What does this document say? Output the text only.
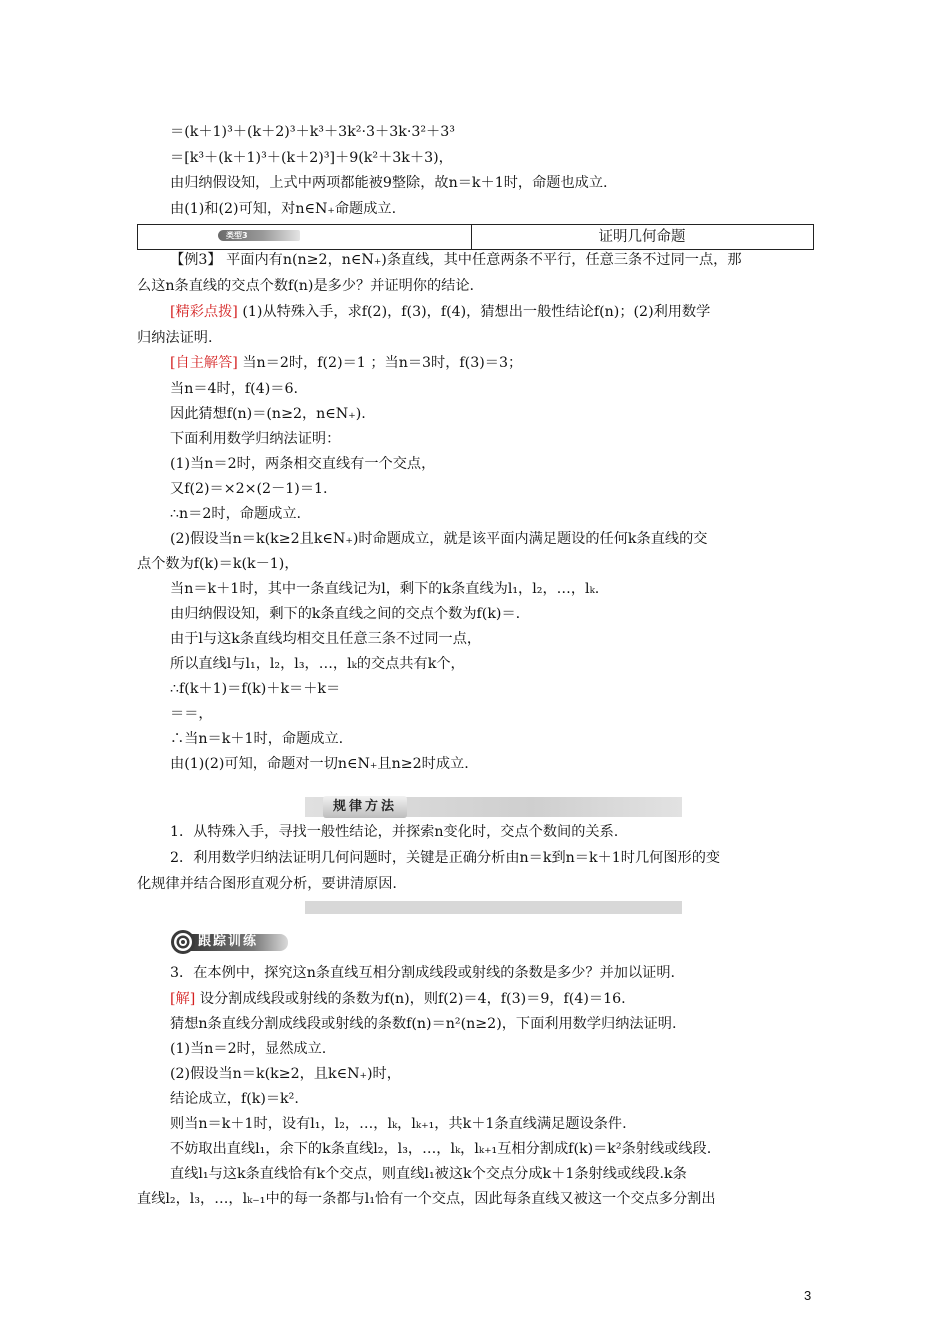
＝(k＋1)³＋(k＋2)³＋k³＋3k²·3＋3k·3²＋3³
＝[k³＋(k＋1)³＋(k＋2)³]＋9(k²＋3k＋3)，
由归纳假设知，上式中两项都能被9整除，故n＝k＋1时，命题也成立.
由(1)和(2)可知，对n∈N₊命题成立.
类型3	证明几何命题
【例3】 平面内有n(n≥2，n∈N₊)条直线，其中任意两条不平行，任意三条不过同一点，那
么这n条直线的交点个数f(n)是多少？并证明你的结论.
[精彩点拨] (1)从特殊入手，求f(2)，f(3)，f(4)，猜想出一般性结论f(n)；(2)利用数学
归纳法证明.
[自主解答] 当n＝2时，f(2)＝1 ；当n＝3时，f(3)＝3；
当n＝4时，f(4)＝6.
因此猜想f(n)＝(n≥2，n∈N₊).
下面利用数学归纳法证明：
(1)当n＝2时，两条相交直线有一个交点，
又f(2)＝×2×(2－1)＝1.
∴n＝2时，命题成立.
(2)假设当n＝k(k≥2且k∈N₊)时命题成立，就是该平面内满足题设的任何k条直线的交
点个数为f(k)＝k(k－1)，
当n＝k＋1时，其中一条直线记为l，剩下的k条直线为l₁，l₂，…，lₖ.
由归纳假设知，剩下的k条直线之间的交点个数为f(k)＝.
由于l与这k条直线均相交且任意三条不过同一点，
所以直线l与l₁，l₂，l₃，…，lₖ的交点共有k个，
∴f(k＋1)＝f(k)＋k＝＋k＝
＝＝，
∴当n＝k＋1时，命题成立.
由(1)(2)可知，命题对一切n∈N₊且n≥2时成立.
规律方法
1．从特殊入手，寻找一般性结论，并探索n变化时，交点个数间的关系.
2．利用数学归纳法证明几何问题时，关键是正确分析由n＝k到n＝k＋1时几何图形的变
化规律并结合图形直观分析，要讲清原因.
跟踪训练
3．在本例中，探究这n条直线互相分割成线段或射线的条数是多少？并加以证明.
[解] 设分割成线段或射线的条数为f(n)，则f(2)＝4，f(3)＝9，f(4)＝16.
猜想n条直线分割成线段或射线的条数f(n)＝n²(n≥2)，下面利用数学归纳法证明.
(1)当n＝2时，显然成立.
(2)假设当n＝k(k≥2，且k∈N₊)时，
结论成立，f(k)＝k².
则当n＝k＋1时，设有l₁，l₂，…，lₖ，lₖ₊₁，共k＋1条直线满足题设条件.
不妨取出直线l₁，余下的k条直线l₂，l₃，…，lₖ，lₖ₊₁互相分割成f(k)＝k²条射线或线段.
直线l₁与这k条直线恰有k个交点，则直线l₁被这k个交点分成k＋1条射线或线段.k条
直线l₂，l₃，…，lₖ₋₁中的每一条都与l₁恰有一个交点，因此每条直线又被这一个交点多分割出
3
